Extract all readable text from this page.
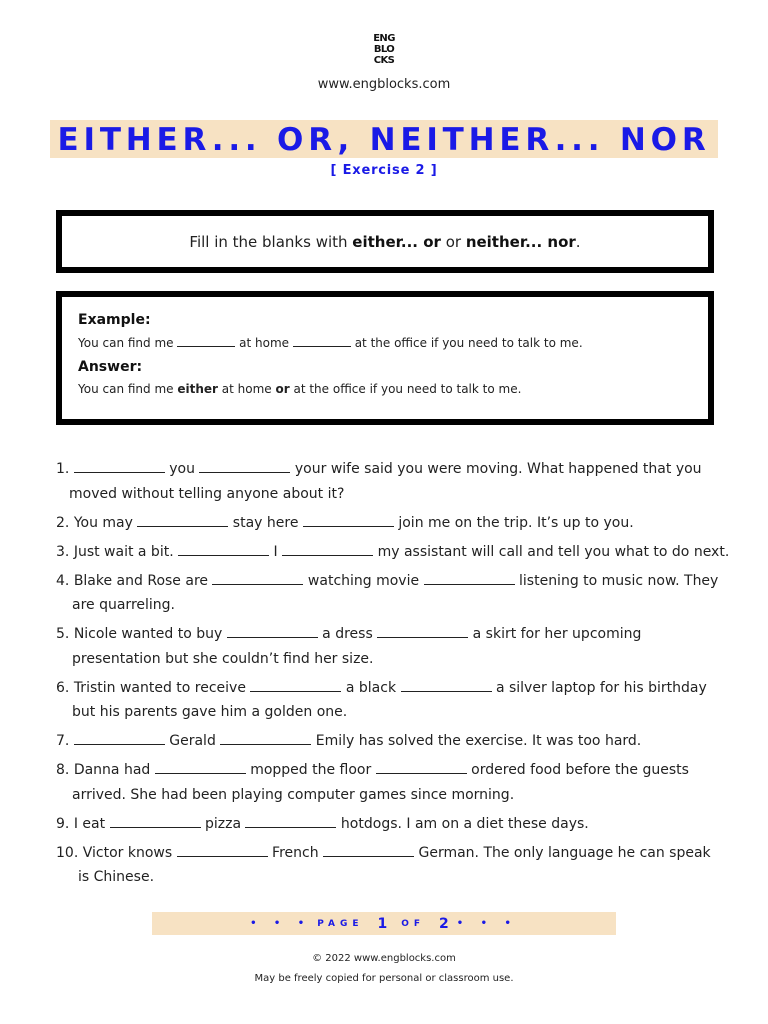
ENG
BLO
CKS
www.engblocks.com
EITHER... OR, NEITHER... NOR
[ Exercise 2 ]
Fill in the blanks with either... or or neither... nor.
Example:
You can find me	at home	at the office if you need to talk to me.
Answer:
You can find me either at home or at the office if you need to talk to me.
1.	you	your wife said you were moving. What happened that you
moved without telling anyone about it?
2. You may	stay here	join me on the trip. It’s up to you.
3. Just wait a bit.	I	my assistant will call and tell you what to do next.
4. Blake and Rose are	watching movie	listening to music now. They
are quarreling.
5. Nicole wanted to buy	a dress	a skirt for her upcoming
presentation but she couldn’t find her size.
6. Tristin wanted to receive	a black	a silver laptop for his birthday
but his parents gave him a golden one.
7.	Gerald	Emily has solved the exercise. It was too hard.
8. Danna had	mopped the floor	ordered food before the guests
arrived. She had been playing computer games since morning.
9. I eat	pizza	hotdogs. I am on a diet these days.
10. Victor knows	French	German. The only language he can speak
is Chinese.
• • • PAGE 1 OF 2 • • •
© 2022 www.engblocks.com
May be freely copied for personal or classroom use.
